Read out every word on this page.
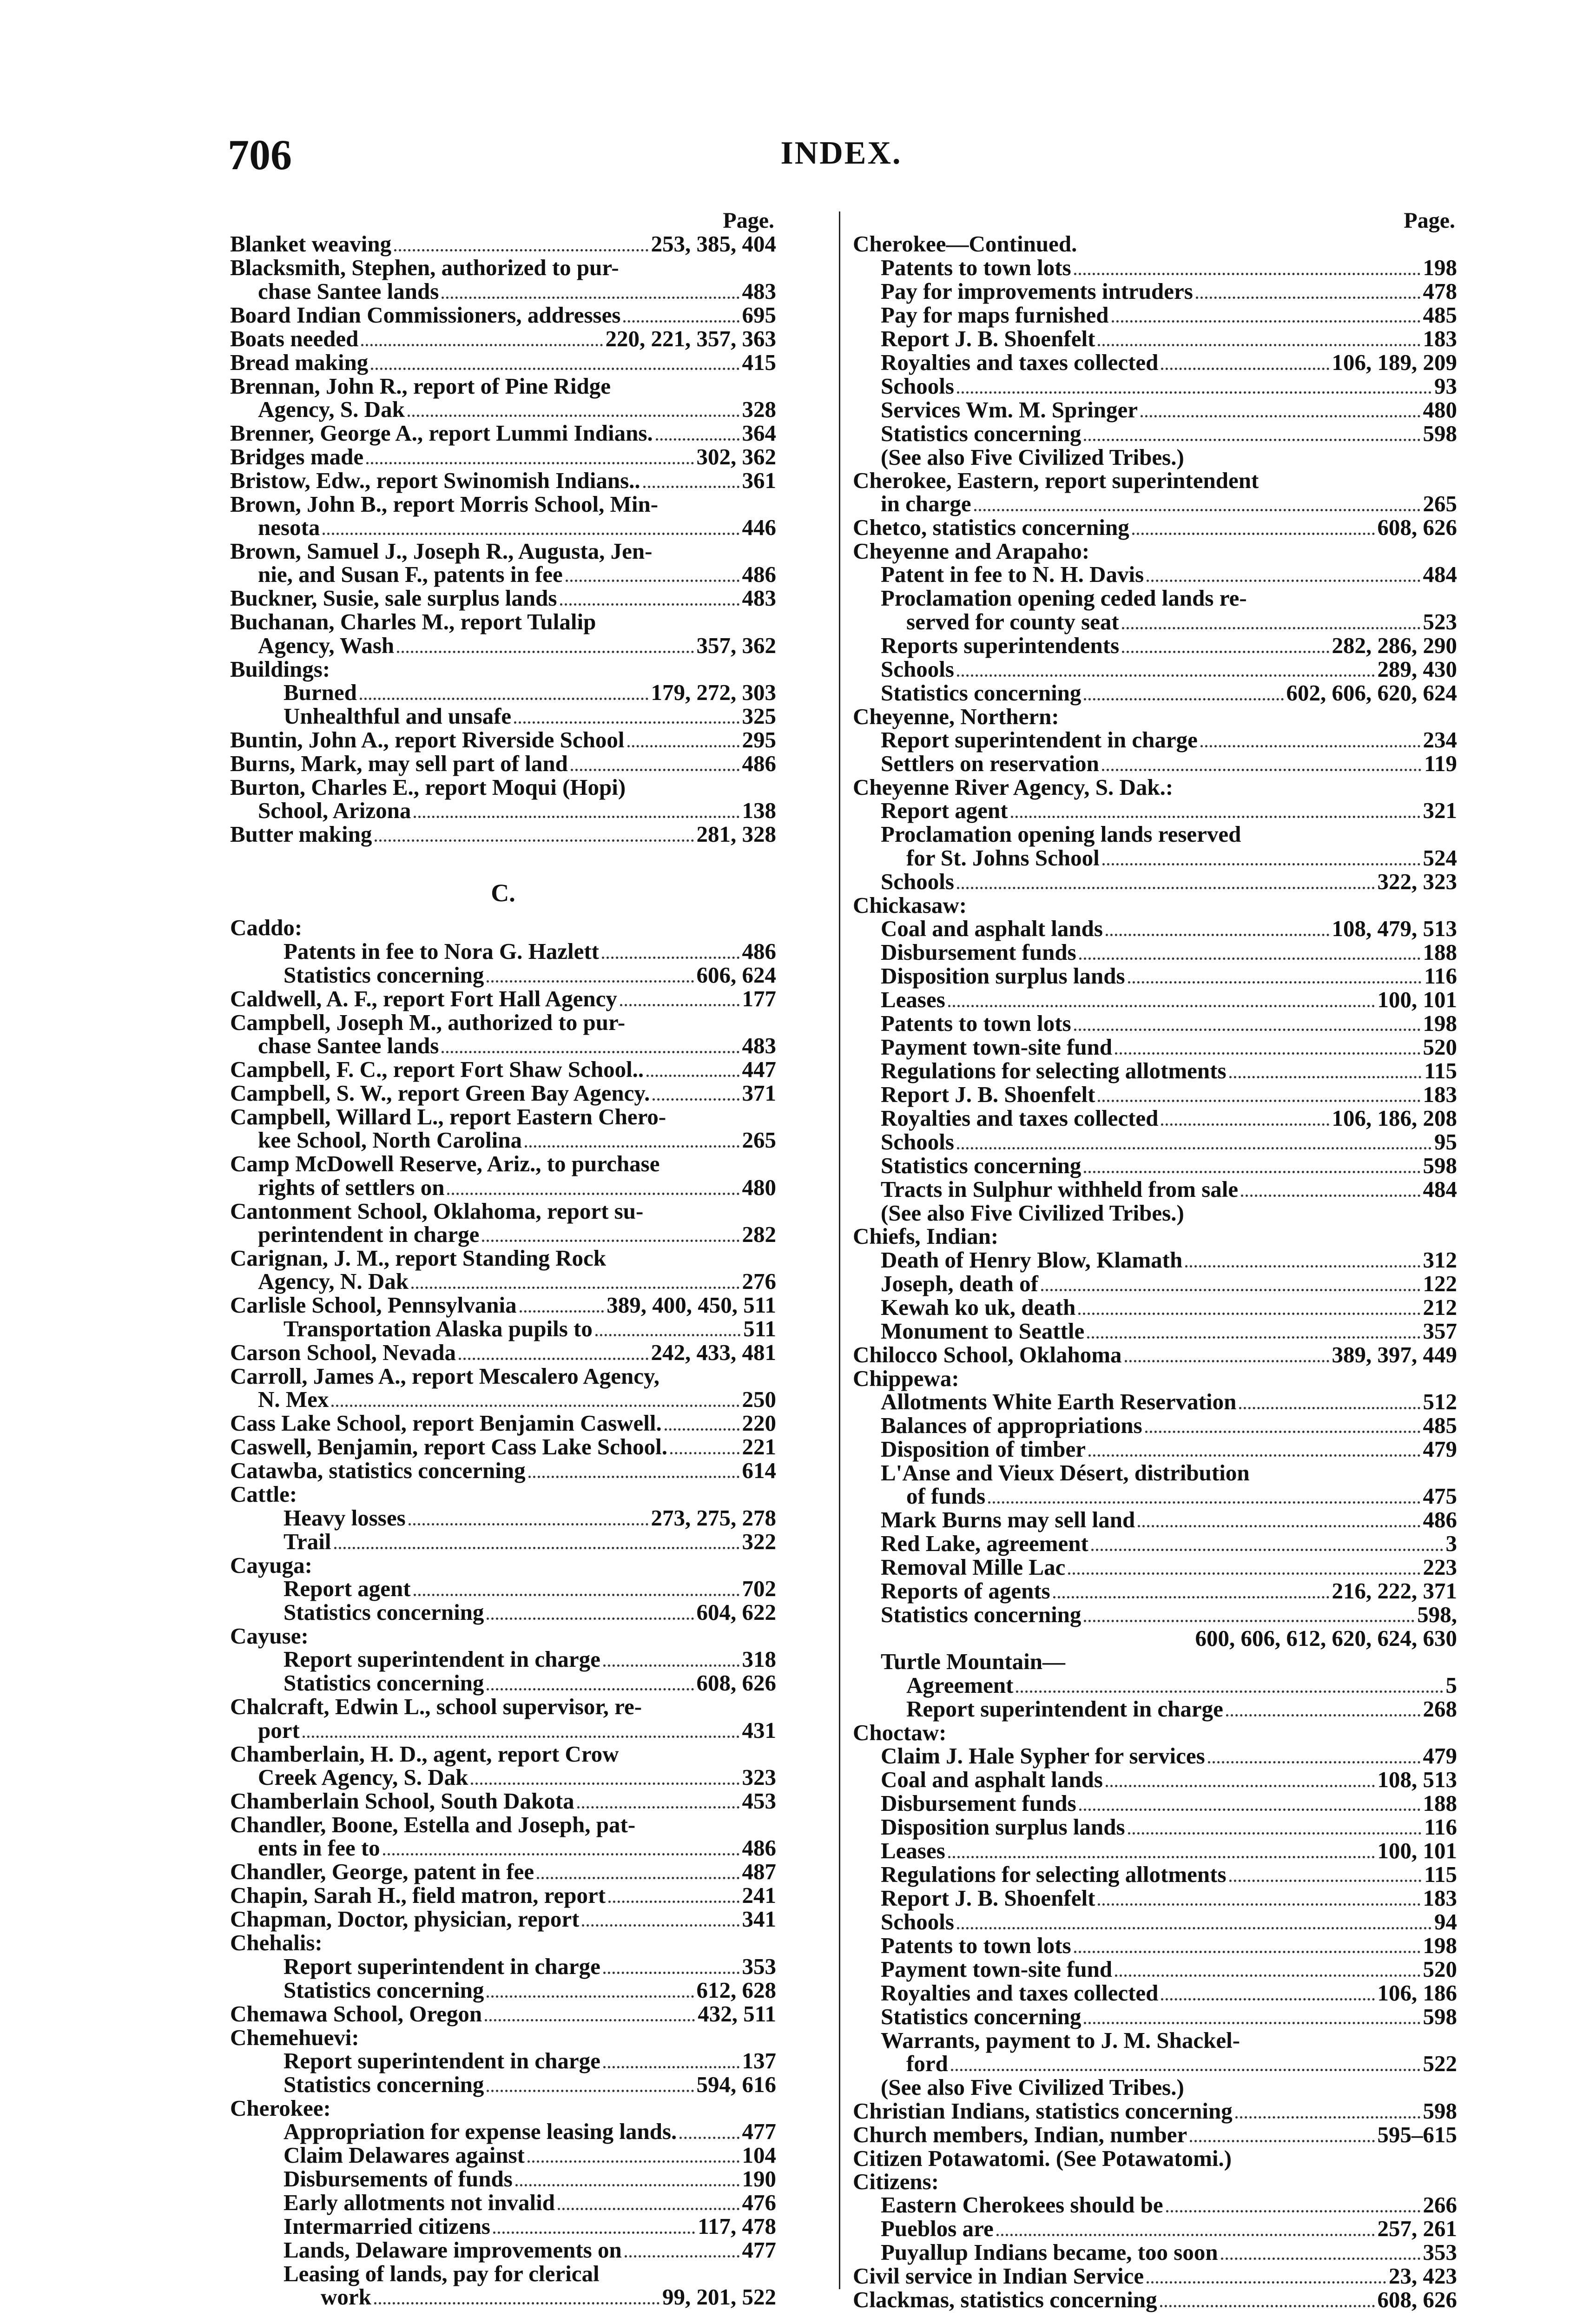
706	INDEX.
Page.
Blanket weaving	253, 385, 404
Blacksmith, Stephen, authorized to pur-
chase Santee lands	483
Board Indian Commissioners, addresses	695
Boats needed	220, 221, 357, 363
Bread making	415
Brennan, John R., report of Pine Ridge
Agency, S. Dak	328
Brenner, George A., report Lummi Indians.	364
Bridges made	302, 362
Bristow, Edw., report Swinomish Indians..	361
Brown, John B., report Morris School, Min-
nesota	446
Brown, Samuel J., Joseph R., Augusta, Jen-
nie, and Susan F., patents in fee	486
Buckner, Susie, sale surplus lands	483
Buchanan, Charles M., report Tulalip
Agency, Wash	357, 362
Buildings:
Burned	179, 272, 303
Unhealthful and unsafe	325
Buntin, John A., report Riverside School	295
Burns, Mark, may sell part of land	486
Burton, Charles E., report Moqui (Hopi)
School, Arizona	138
Butter making	281, 328
C.
Caddo:
Patents in fee to Nora G. Hazlett	486
Statistics concerning	606, 624
Caldwell, A. F., report Fort Hall Agency	177
Campbell, Joseph M., authorized to pur-
chase Santee lands	483
Campbell, F. C., report Fort Shaw School..	447
Campbell, S. W., report Green Bay Agency.	371
Campbell, Willard L., report Eastern Chero-
kee School, North Carolina	265
Camp McDowell Reserve, Ariz., to purchase
rights of settlers on	480
Cantonment School, Oklahoma, report su-
perintendent in charge	282
Carignan, J. M., report Standing Rock
Agency, N. Dak	276
Carlisle School, Pennsylvania	389, 400, 450, 511
Transportation Alaska pupils to	511
Carson School, Nevada	242, 433, 481
Carroll, James A., report Mescalero Agency,
N. Mex	250
Cass Lake School, report Benjamin Caswell.	220
Caswell, Benjamin, report Cass Lake School.	221
Catawba, statistics concerning	614
Cattle:
Heavy losses	273, 275, 278
Trail	322
Cayuga:
Report agent	702
Statistics concerning	604, 622
Cayuse:
Report superintendent in charge	318
Statistics concerning	608, 626
Chalcraft, Edwin L., school supervisor, re-
port	431
Chamberlain, H. D., agent, report Crow
Creek Agency, S. Dak	323
Chamberlain School, South Dakota	453
Chandler, Boone, Estella and Joseph, pat-
ents in fee to	486
Chandler, George, patent in fee	487
Chapin, Sarah H., field matron, report	241
Chapman, Doctor, physician, report	341
Chehalis:
Report superintendent in charge	353
Statistics concerning	612, 628
Chemawa School, Oregon	432, 511
Chemehuevi:
Report superintendent in charge	137
Statistics concerning	594, 616
Cherokee:
Appropriation for expense leasing lands.	477
Claim Delawares against	104
Disbursements of funds	190
Early allotments not invalid	476
Intermarried citizens	117, 478
Lands, Delaware improvements on	477
Leasing of lands, pay for clerical
work	99, 201, 522
Page.
Cherokee—Continued.
Patents to town lots	198
Pay for improvements intruders	478
Pay for maps furnished	485
Report J. B. Shoenfelt	183
Royalties and taxes collected	106, 189, 209
Schools	93
Services Wm. M. Springer	480
Statistics concerning	598
(See also Five Civilized Tribes.)
Cherokee, Eastern, report superintendent
in charge	265
Chetco, statistics concerning	608, 626
Cheyenne and Arapaho:
Patent in fee to N. H. Davis	484
Proclamation opening ceded lands re-
served for county seat	523
Reports superintendents	282, 286, 290
Schools	289, 430
Statistics concerning	602, 606, 620, 624
Cheyenne, Northern:
Report superintendent in charge	234
Settlers on reservation	119
Cheyenne River Agency, S. Dak.:
Report agent	321
Proclamation opening lands reserved
for St. Johns School	524
Schools	322, 323
Chickasaw:
Coal and asphalt lands	108, 479, 513
Disbursement funds	188
Disposition surplus lands	116
Leases	100, 101
Patents to town lots	198
Payment town-site fund	520
Regulations for selecting allotments	115
Report J. B. Shoenfelt	183
Royalties and taxes collected	106, 186, 208
Schools	95
Statistics concerning	598
Tracts in Sulphur withheld from sale	484
(See also Five Civilized Tribes.)
Chiefs, Indian:
Death of Henry Blow, Klamath	312
Joseph, death of	122
Kewah ko uk, death	212
Monument to Seattle	357
Chilocco School, Oklahoma	389, 397, 449
Chippewa:
Allotments White Earth Reservation	512
Balances of appropriations	485
Disposition of timber	479
L'Anse and Vieux Désert, distribution
of funds	475
Mark Burns may sell land	486
Red Lake, agreement	3
Removal Mille Lac	223
Reports of agents	216, 222, 371
Statistics concerning	598,
600, 606, 612, 620, 624, 630
Turtle Mountain—
Agreement	5
Report superintendent in charge	268
Choctaw:
Claim J. Hale Sypher for services	479
Coal and asphalt lands	108, 513
Disbursement funds	188
Disposition surplus lands	116
Leases	100, 101
Regulations for selecting allotments	115
Report J. B. Shoenfelt	183
Schools	94
Patents to town lots	198
Payment town-site fund	520
Royalties and taxes collected	106, 186
Statistics concerning	598
Warrants, payment to J. M. Shackel-
ford	522
(See also Five Civilized Tribes.)
Christian Indians, statistics concerning	598
Church members, Indian, number	595–615
Citizen Potawatomi. (See Potawatomi.)
Citizens:
Eastern Cherokees should be	266
Pueblos are	257, 261
Puyallup Indians became, too soon	353
Civil service in Indian Service	23, 423
Clackmas, statistics concerning	608, 626
